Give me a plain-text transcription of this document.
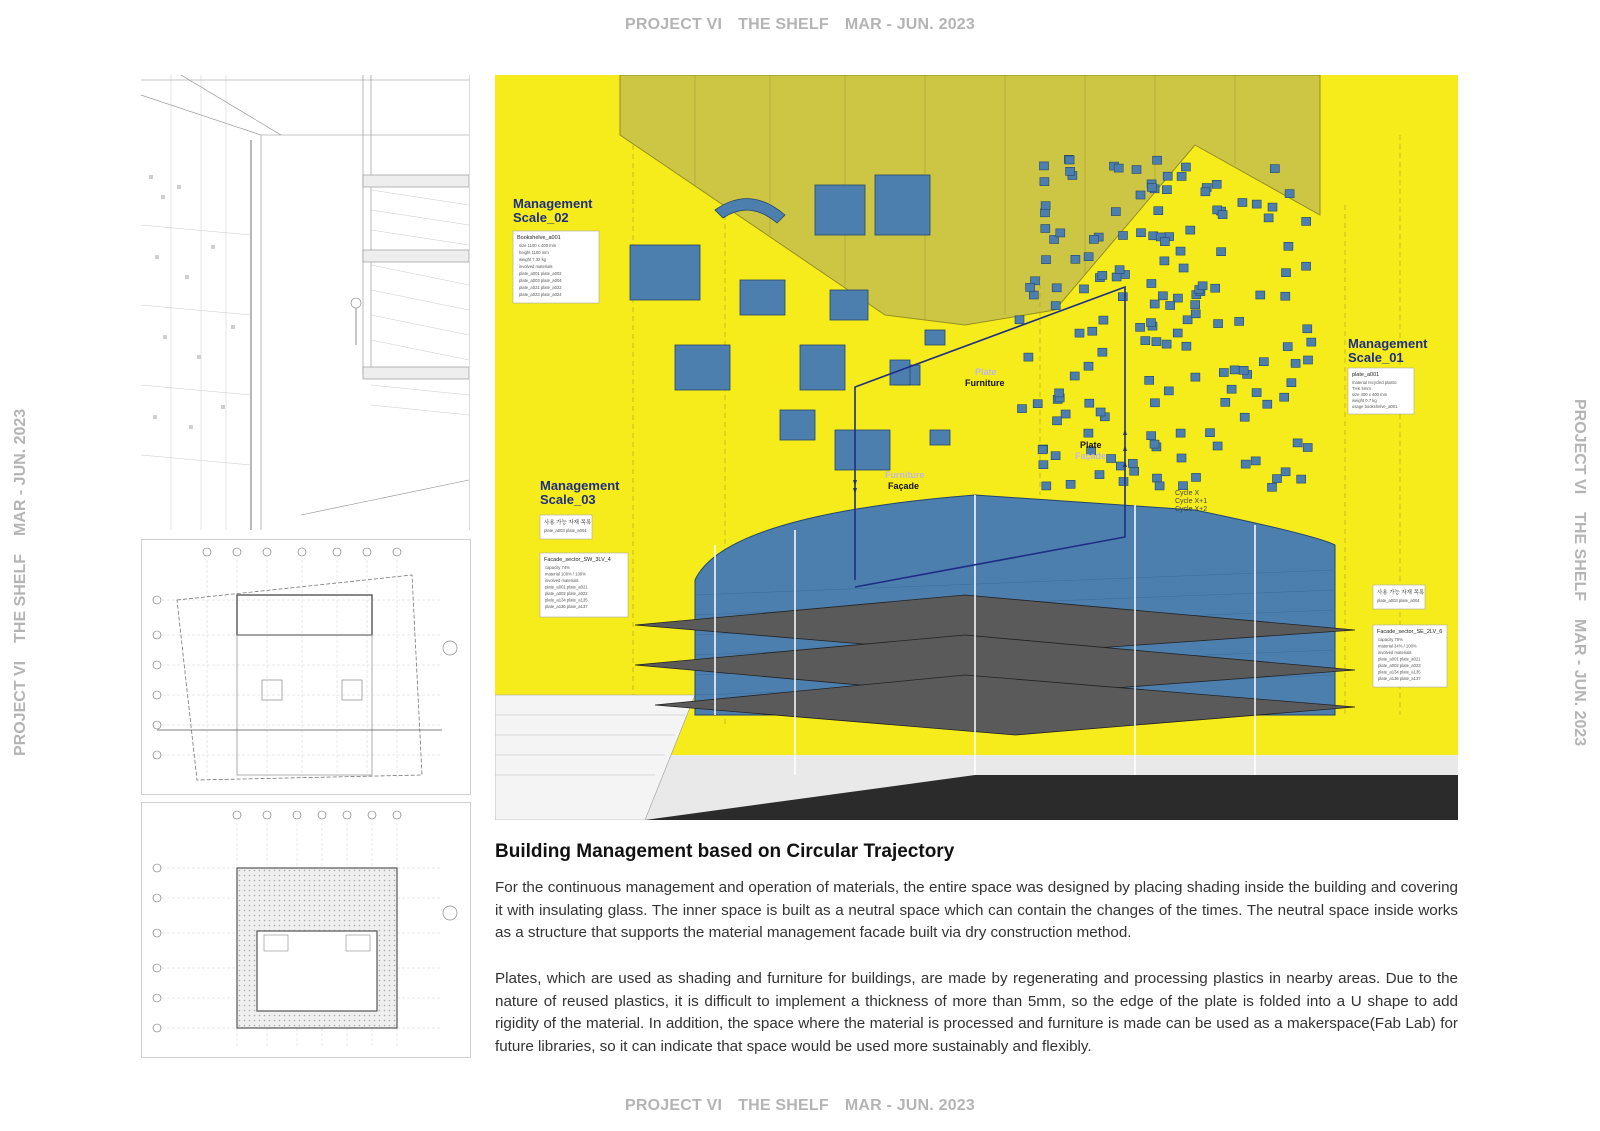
PROJECT VI THE SHELF MAR - JUN. 2023
PROJECT VI THE SHELF MAR - JUN. 2023
PROJECT VITHE SHELFMAR - JUN. 2023	PROJECT VITHE SHELFMAR - JUN. 2023
Management
Scale_02
Bookshelve_a001
size 1100 x 400 mm
height 1100 mm
weight 7.32 kg
involved materials
plate_a001 plate_a002
plate_a003 plate_a004
plate_a021 plate_a022
plate_a023 plate_a024
Management
Scale_01
plate_a001
material recycled plastic
THK 5mm
size 400 x 400 mm
weight 0.7 kg
usage bookshelve_a001
Management
Scale_03
사용 가능 자재 목록
plate_a003 plate_a004
Facade_sector_SW_3LV_4
capacity 74%
material 100% / 100%
involved materials
plate_a001 plate_a021
plate_a002 plate_a022
plate_a134 plate_a135
plate_a136 plate_a137
사용 가능 자재 목록
plate_a003 plate_a004
Facade_sector_SE_2LV_6
capacity 75%
material 34% / 100%
involved materials
plate_a001 plate_a021
plate_a002 plate_a023
plate_a134 plate_a135
plate_a136 plate_a137
Plate
Furniture
Plate
Façade
Furniture
Façade
Cycle X
Cycle X+1
Cycle X+2
Building Management based on Circular Trajectory

For the continuous management and operation of materials, the entire space was designed by placing shading inside the building and covering it with insulating glass. The inner space is built as a neutral space which can contain the changes of the times. The neutral space inside works as a structure that supports the material management facade built via dry construction method.

Plates, which are used as shading and furniture for buildings, are made by regenerating and processing plastics in nearby areas. Due to the nature of reused plastics, it is difficult to implement a thickness of more than 5mm, so the edge of the plate is folded into a U shape to add rigidity of the material. In addition, the space where the material is processed and furniture is made can be used as a makerspace(Fab Lab) for future libraries, so it can indicate that space would be used more sustainably and flexibly.
